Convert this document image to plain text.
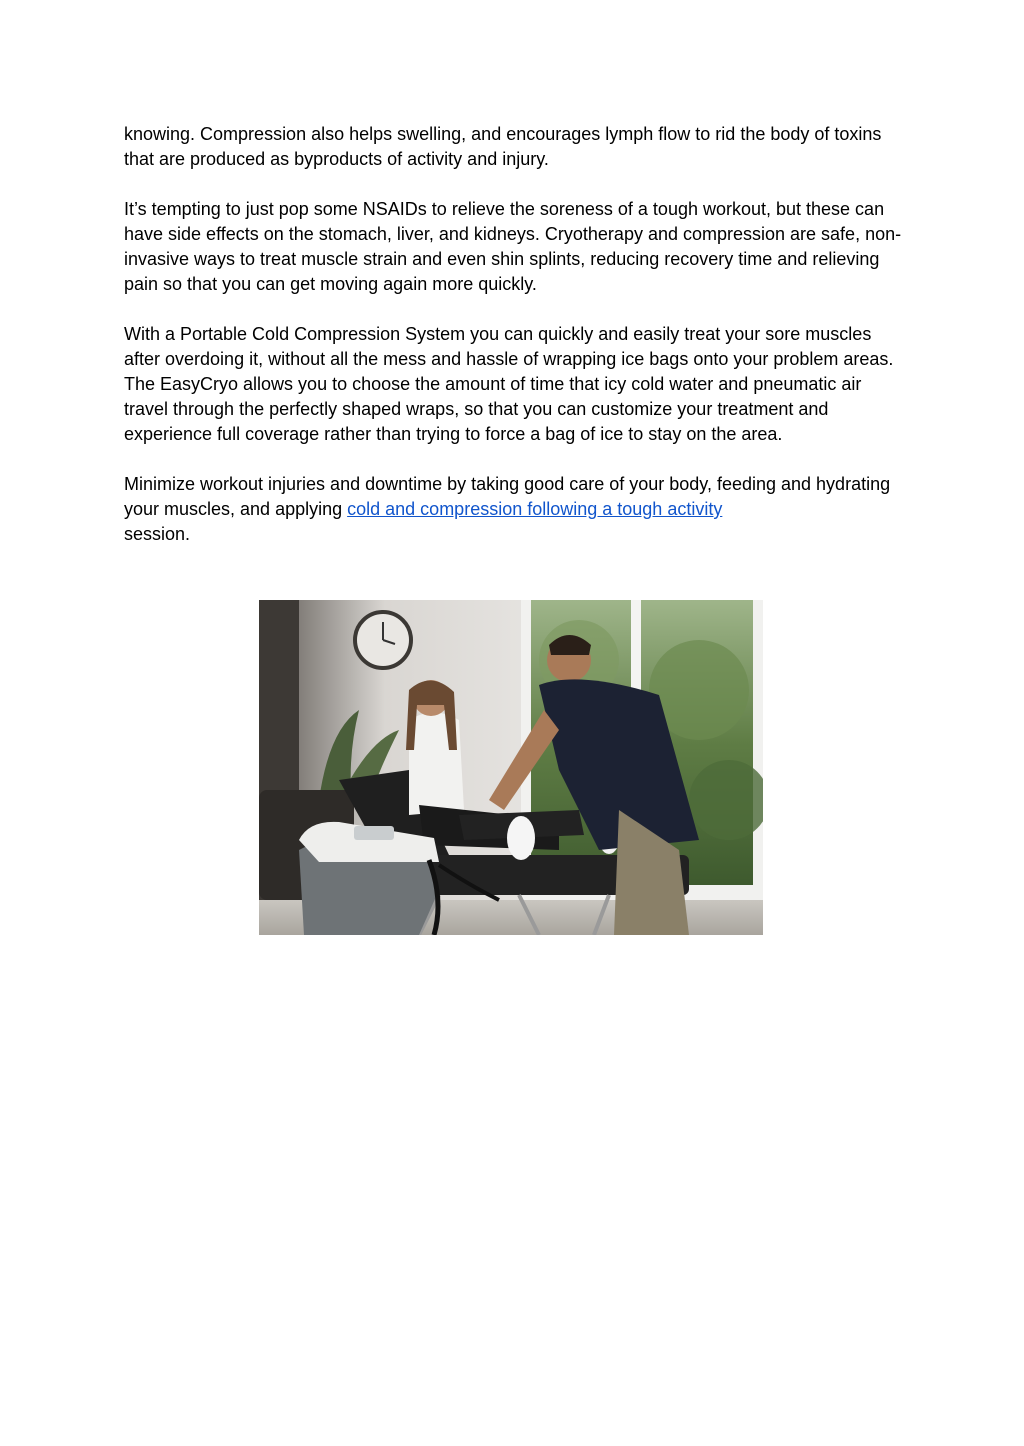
knowing. Compression also helps swelling, and encourages lymph flow to rid the body of toxins that are produced as byproducts of activity and injury.

It’s tempting to just pop some NSAIDs to relieve the soreness of a tough workout, but these can have side effects on the stomach, liver, and kidneys. Cryotherapy and compression are safe, non-invasive ways to treat muscle strain and even shin splints, reducing recovery time and relieving pain so that you can get moving again more quickly.

With a Portable Cold Compression System you can quickly and easily treat your sore muscles after overdoing it, without all the mess and hassle of wrapping ice bags onto your problem areas. The EasyCryo allows you to choose the amount of time that icy cold water and pneumatic air travel through the perfectly shaped wraps, so that you can customize your treatment and experience full coverage rather than trying to force a bag of ice to stay on the area.

Minimize workout injuries and downtime by taking good care of your body, feeding and hydrating your muscles, and applying cold and compression following a tough activity
session.
